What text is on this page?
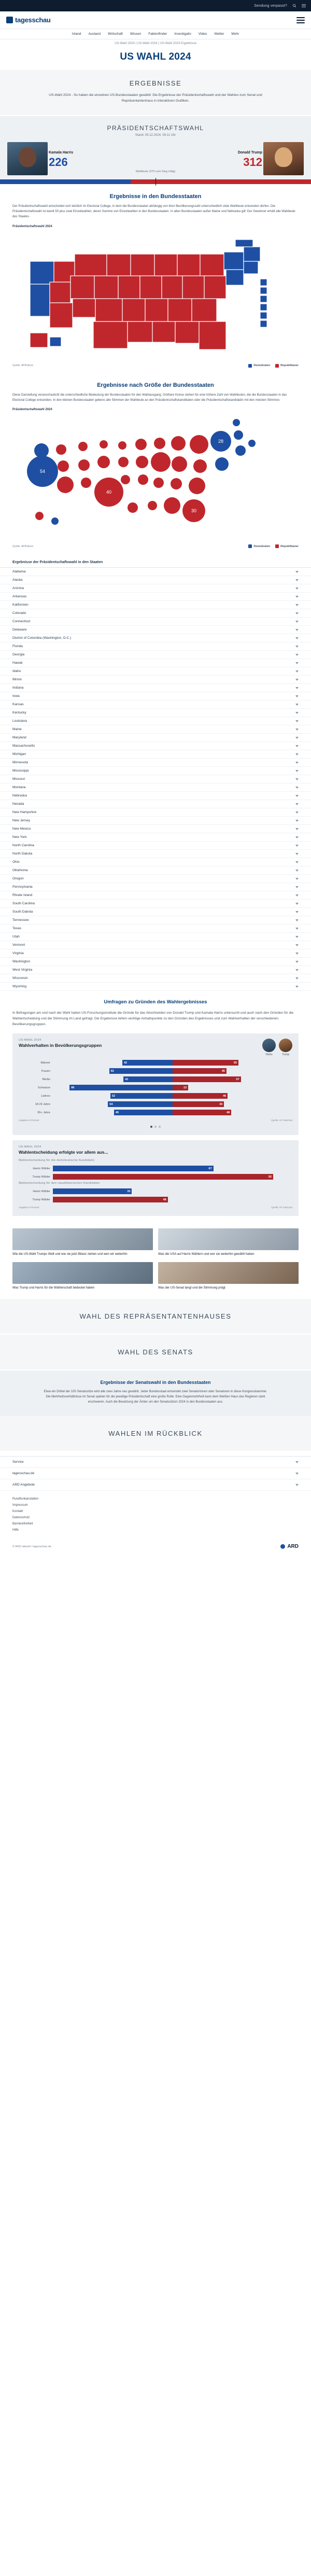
Sendung verpasst?
tagesschau
Inland Ausland Wirtschaft Wissen Faktenfinder Investigativ Video Wetter Mehr
US-Wahl 2024 | US-Wahl 2024 | US-Wahl 2024 Ergebnisse
US WAHL 2024
ERGEBNISSE
US-Wahl 2024 - So haben die einzelnen US-Bundesstaaten gewählt: Die Ergebnisse der Präsidentschaftswahl und der Wahlen zum Senat und Repräsentantenhaus in interaktiven Grafiken.
PRÄSIDENTSCHAFTSWAHL
Stand: 05.12.2024, 09:11 Uhr
Kamala Harris	Donald Trump
226	312
Wahlleute (270 zum Sieg nötig)
Ergebnisse in den Bundesstaaten
Der Präsidentschaftswahl entscheidet sich letztlich im Electoral College, in dem die Bundesstaaten abhängig von ihrer Bevölkerungszahl unterschiedlich viele Wahlleute entsenden dürfen. Die Präsidentschaftswahl ist damit 50 plus zwei Einzelwahlen, deren Summe von Einzelwahlen in den Bundesstaaten. In allen Bundesstaaten außer Maine und Nebraska gilt: Der Gewinner erhält alle Wahlleute des Staates.
Präsidentschaftswahl 2024
Quelle: AP/Edison	Demokraten	Republikaner
Ergebnisse nach Größe der Bundesstaaten
Diese Darstellung veranschaulicht die unterschiedliche Bedeutung der Bundesstaaten für den Wahlausgang: Größere Kreise stehen für eine höhere Zahl von Wahlleuten, die die Bundesstaaten in das Electoral College entsenden. In den kleinen Bundesstaaten gebens alle Stimmen der Wahlleute an den Präsidentschaftskandidaten oder die Präsidentschaftskandidatin mit den meisten Stimmen.
Präsidentschaftswahl 2024
54
40
28
30
Quelle: AP/Edison	Demokraten	Republikaner
Ergebnisse der Präsidentschaftswahl in den Staaten
Alabama
Alaska
Arizona
Arkansas
Kalifornien
Colorado
Connecticut
Delaware
District of Columbia (Washington, D.C.)
Florida
Georgia
Hawaii
Idaho
Illinois
Indiana
Iowa
Kansas
Kentucky
Louisiana
Maine
Maryland
Massachusetts
Michigan
Minnesota
Mississippi
Missouri
Montana
Nebraska
Nevada
New Hampshire
New Jersey
New Mexico
New York
North Carolina
North Dakota
Ohio
Oklahoma
Oregon
Pennsylvania
Rhode Island
South Carolina
South Dakota
Tennessee
Texas
Utah
Vermont
Virginia
Washington
West Virginia
Wisconsin
Wyoming
Umfragen zu Gründen des Wahlergebnisses
In Befragungen am und nach der Wahl haben US-Forschungsinstitute die Gründe für das Abschneiden von Donald Trump und Kamala Harris untersucht und auch nach den Gründen für die Wahlentscheidung und die Stimmung im Land gefragt. Die Ergebnisse liefern wichtige Anhaltspunkte zu den Gründen des Ergebnisses und zum Wahlverhalten der verschiedenen Bevölkerungsgruppen.
US-WAHL 2024
Wahlverhalten in Bevölkerungsgruppen
Harris	Trump
Männer	42	55
Frauen	53	45
Weiße	41	57
Schwarze	86	13
Latinos	52	46
18-29 Jahre	54	43
65+ Jahre	49	49
Angaben in Prozent	Quelle: AP VoteCast
US-WAHL 2024
Wahlentscheidung erfolgte vor allem aus...
Wahlentscheidung für die demokratische Kandidatin
Harris Wähler	67
Trump Wähler	92
Wahlentscheidung für den republikanischen Kandidaten
Harris Wähler	33
Trump Wähler	48
Angaben in Prozent	Quelle: AP VoteCast
Wie die US-Wahl Trumps Welt und wie sie jetzt Bilanz ziehen und wen wir weiterhin
Was Trump und Harris für die Wählerschaft bedeutet haben
Was die USA auf Harris Wählern und wer sie weiterhin gewählt haben
Was der US-Senat langt und die Stimmung prägt
WAHL DES REPRÄSENTANTENHAUSES
WAHL DES SENATS
Ergebnisse der Senatswahl in den Bundesstaaten
Etwa ein Drittel der 100 Senatssitze wird alle zwei Jahre neu gewählt. Jeder Bundesstaat entsendet zwei Senatorinnen oder Senatoren in diese Kongresskammer. Die Mehrheitsverhältnisse im Senat spielen für die jeweilige Präsidentschaft eine große Rolle: Eine Gegenmehrheit kann dem Weißen Haus das Regieren stark erschweren. Auch die Besetzung der Ämter um den Senatssitzen 2024 in den Bundesstaaten aus.
WAHLEN IM RÜCKBLICK
Service
tagesschau.de
ARD Angebote
Rundfunkanstalten
Impressum
Kontakt
Datenschutz
Barrierefreiheit
Hilfe
© ARD-aktuell / tagesschau.de	ARD
